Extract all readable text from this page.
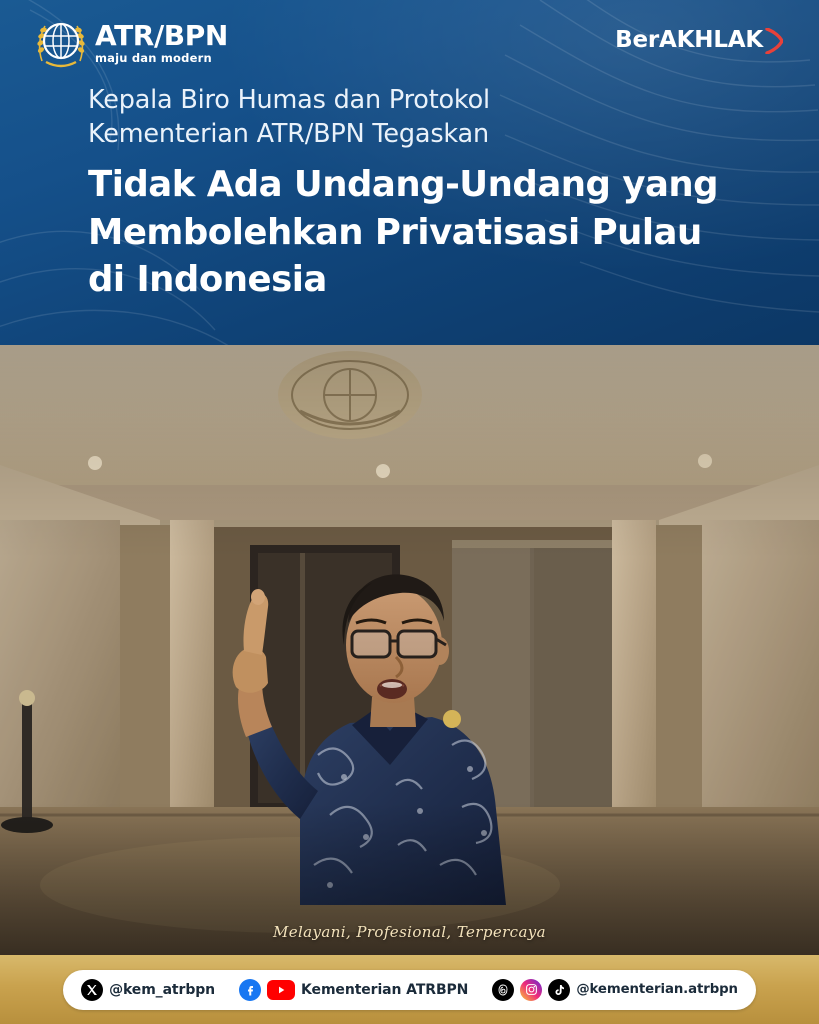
ATR/BPN
maju dan modern
BerAKHLAK
Kepala Biro Humas dan Protokol
Kementerian ATR/BPN Tegaskan
Tidak Ada Undang-Undang yang
Membolehkan Privatisasi Pulau
di Indonesia
Melayani, Profesional, Terpercaya
@kem_atrbpn	Kementerian ATRBPN	@kementerian.atrbpn
